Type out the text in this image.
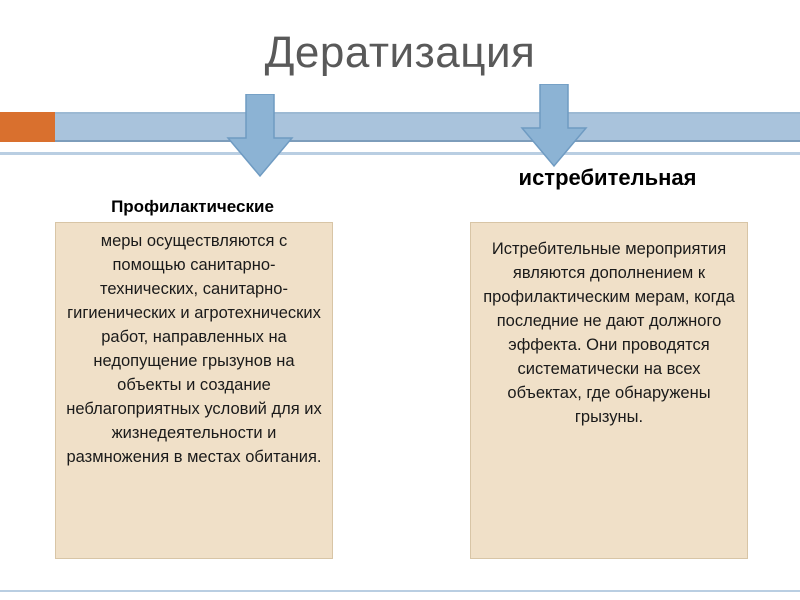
Дератизация
Профилактические
истребительная
меры осуществляются с помощью санитарно-технических, санитарно-гигиенических и агротехнических работ, направленных на недопущение грызунов на объекты и создание неблагоприятных условий для их жизнедеятельности и размножения в местах обитания.
Истребительные мероприятия являются дополнением к профилактическим мерам, когда последние не дают должного эффекта. Они проводятся систематически на всех объектах, где обнаружены грызуны.
